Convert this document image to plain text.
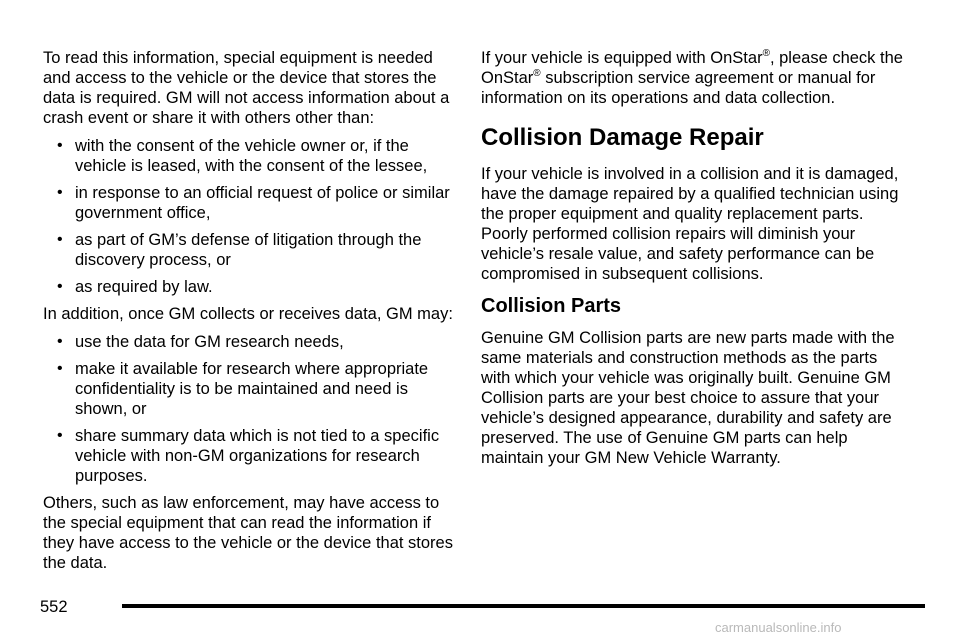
To read this information, special equipment is needed and access to the vehicle or the device that stores the data is required. GM will not access information about a crash event or share it with others other than:

• with the consent of the vehicle owner or, if the vehicle is leased, with the consent of the lessee,
• in response to an official request of police or similar government office,
• as part of GM’s defense of litigation through the discovery process, or
• as required by law.

In addition, once GM collects or receives data, GM may:

• use the data for GM research needs,
• make it available for research where appropriate confidentiality is to be maintained and need is shown, or
• share summary data which is not tied to a specific vehicle with non-GM organizations for research purposes.

Others, such as law enforcement, may have access to the special equipment that can read the information if they have access to the vehicle or the device that stores the data.

If your vehicle is equipped with OnStar®, please check the OnStar® subscription service agreement or manual for information on its operations and data collection.

Collision Damage Repair

If your vehicle is involved in a collision and it is damaged, have the damage repaired by a qualified technician using the proper equipment and quality replacement parts. Poorly performed collision repairs will diminish your vehicle’s resale value, and safety performance can be compromised in subsequent collisions.

Collision Parts

Genuine GM Collision parts are new parts made with the same materials and construction methods as the parts with which your vehicle was originally built. Genuine GM Collision parts are your best choice to assure that your vehicle’s designed appearance, durability and safety are preserved. The use of Genuine GM parts can help maintain your GM New Vehicle Warranty.

552
carmanualsonline.info
